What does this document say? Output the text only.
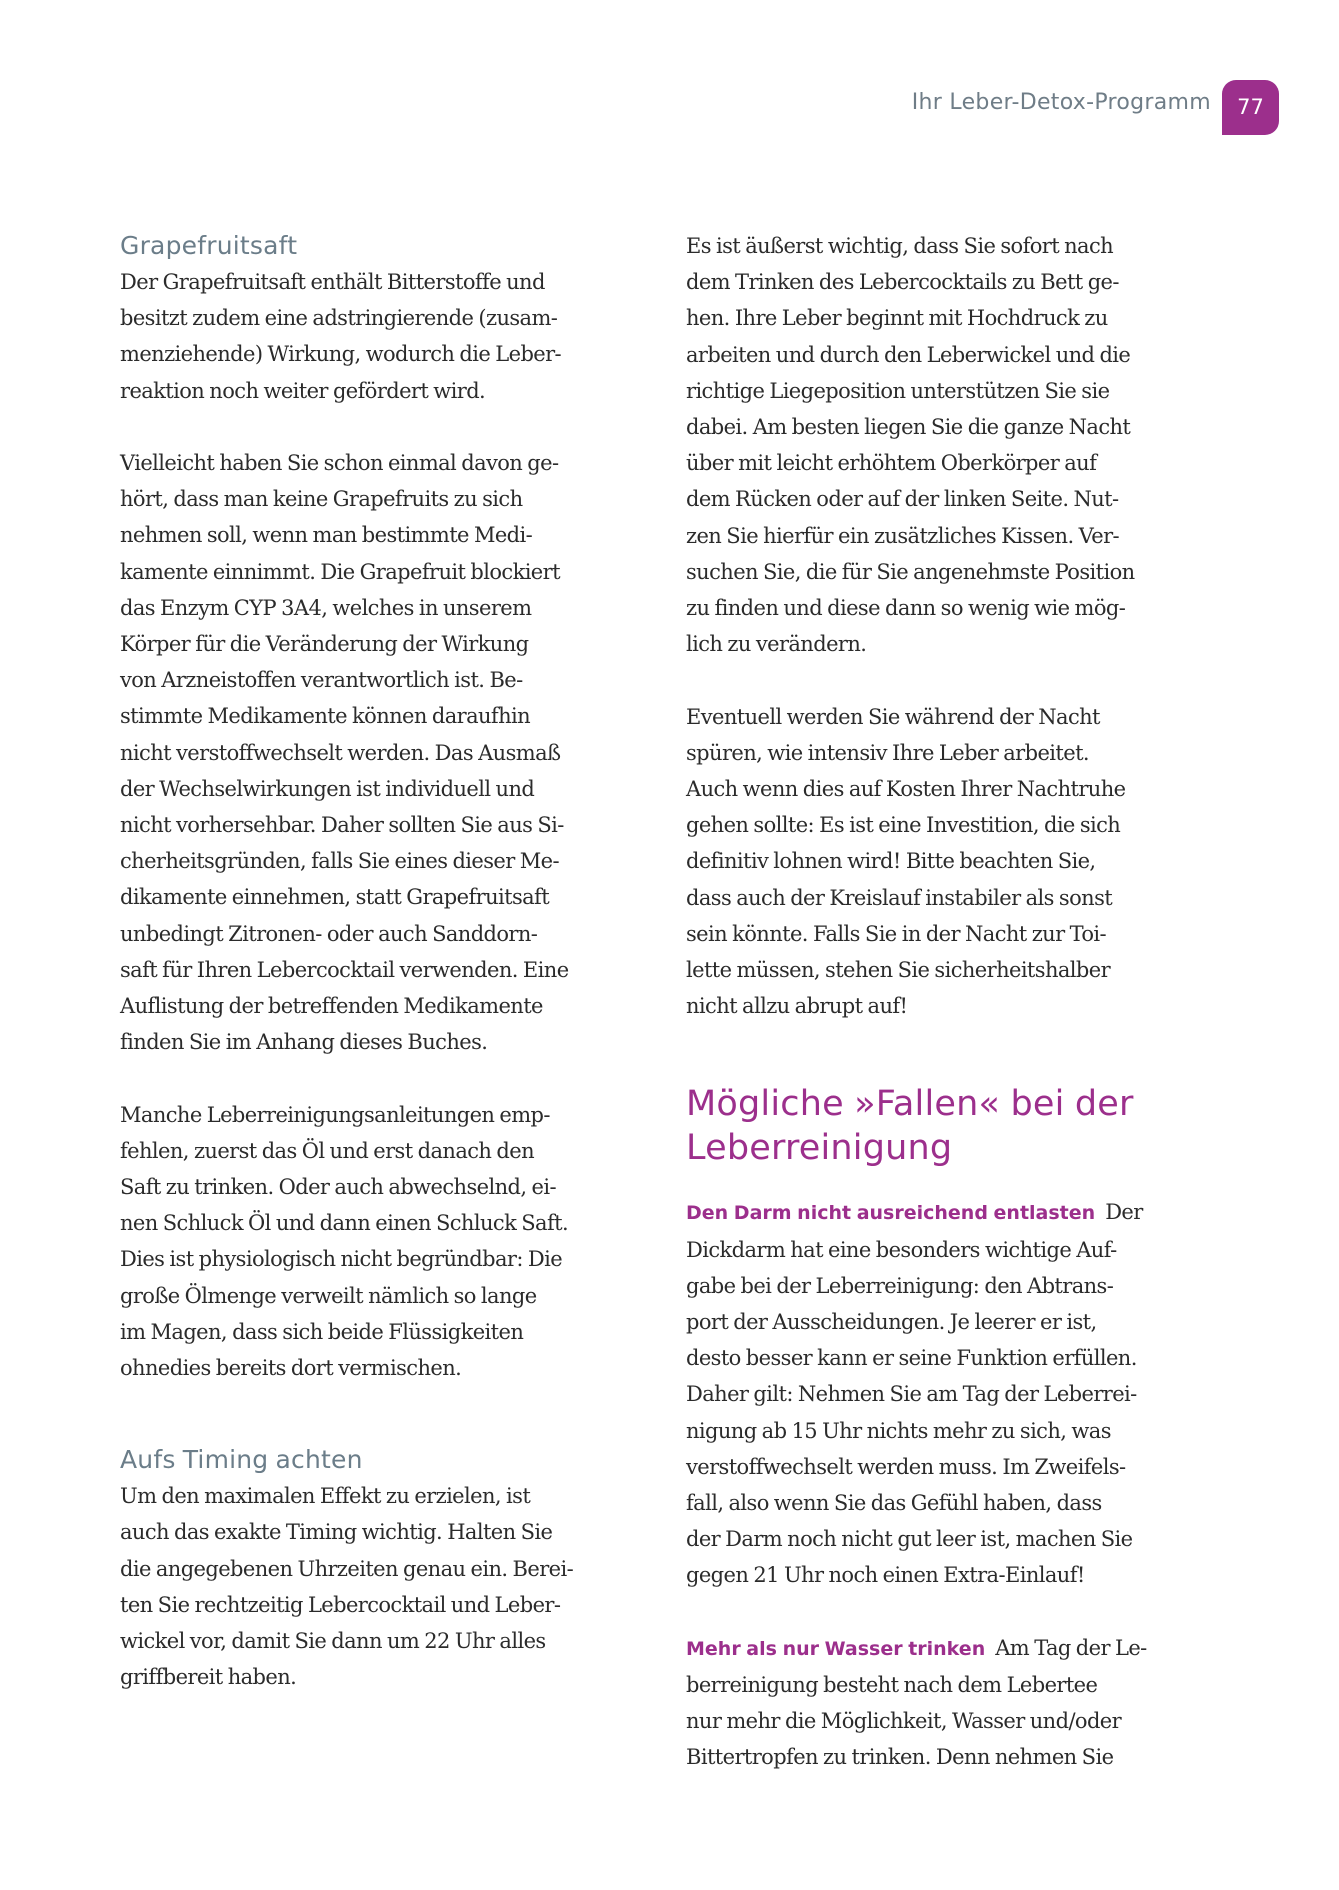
Ihr Leber-Detox-Programm	77
Grapefruitsaft
Der Grapefruitsaft enthält Bitterstoffe und
besitzt zudem eine adstringierende (zusam-
menziehende) Wirkung, wodurch die Leber-
reaktion noch weiter gefördert wird.
Vielleicht haben Sie schon einmal davon ge-
hört, dass man keine Grapefruits zu sich
nehmen soll, wenn man bestimmte Medi-
kamente einnimmt. Die Grapefruit blockiert
das Enzym CYP 3A4, welches in unserem
Körper für die Veränderung der Wirkung
von Arzneistoffen verantwortlich ist. Be-
stimmte Medikamente können daraufhin
nicht verstoffwechselt werden. Das Ausmaß
der Wechselwirkungen ist individuell und
nicht vorhersehbar. Daher sollten Sie aus Si-
cherheitsgründen, falls Sie eines dieser Me-
dikamente einnehmen, statt Grapefruitsaft
unbedingt Zitronen- oder auch Sanddorn-
saft für Ihren Lebercocktail verwenden. Eine
Auflistung der betreffenden Medikamente
finden Sie im Anhang dieses Buches.
Manche Leberreinigungsanleitungen emp-
fehlen, zuerst das Öl und erst danach den
Saft zu trinken. Oder auch abwechselnd, ei-
nen Schluck Öl und dann einen Schluck Saft.
Dies ist physiologisch nicht begründbar: Die
große Ölmenge verweilt nämlich so lange
im Magen, dass sich beide Flüssigkeiten
ohnedies bereits dort vermischen.
Aufs Timing achten
Um den maximalen Effekt zu erzielen, ist
auch das exakte Timing wichtig. Halten Sie
die angegebenen Uhrzeiten genau ein. Berei-
ten Sie rechtzeitig Lebercocktail und Leber-
wickel vor, damit Sie dann um 22 Uhr alles
griffbereit haben.
Es ist äußerst wichtig, dass Sie sofort nach
dem Trinken des Lebercocktails zu Bett ge-
hen. Ihre Leber beginnt mit Hochdruck zu
arbeiten und durch den Leberwickel und die
richtige Liegeposition unterstützen Sie sie
dabei. Am besten liegen Sie die ganze Nacht
über mit leicht erhöhtem Oberkörper auf
dem Rücken oder auf der linken Seite. Nut-
zen Sie hierfür ein zusätzliches Kissen. Ver-
suchen Sie, die für Sie angenehmste Position
zu finden und diese dann so wenig wie mög-
lich zu verändern.
Eventuell werden Sie während der Nacht
spüren, wie intensiv Ihre Leber arbeitet.
Auch wenn dies auf Kosten Ihrer Nachtruhe
gehen sollte: Es ist eine Investition, die sich
definitiv lohnen wird! Bitte beachten Sie,
dass auch der Kreislauf instabiler als sonst
sein könnte. Falls Sie in der Nacht zur Toi-
lette müssen, stehen Sie sicherheitshalber
nicht allzu abrupt auf!
Mögliche »Fallen« bei der
Leberreinigung
Den Darm nicht ausreichend entlasten Der
Dickdarm hat eine besonders wichtige Auf-
gabe bei der Leberreinigung: den Abtrans-
port der Ausscheidungen. Je leerer er ist,
desto besser kann er seine Funktion erfüllen.
Daher gilt: Nehmen Sie am Tag der Leberrei-
nigung ab 15 Uhr nichts mehr zu sich, was
verstoffwechselt werden muss. Im Zweifels-
fall, also wenn Sie das Gefühl haben, dass
der Darm noch nicht gut leer ist, machen Sie
gegen 21 Uhr noch einen Extra-Einlauf!
Mehr als nur Wasser trinken Am Tag der Le-
berreinigung besteht nach dem Lebertee
nur mehr die Möglichkeit, Wasser und/oder
Bittertropfen zu trinken. Denn nehmen Sie
